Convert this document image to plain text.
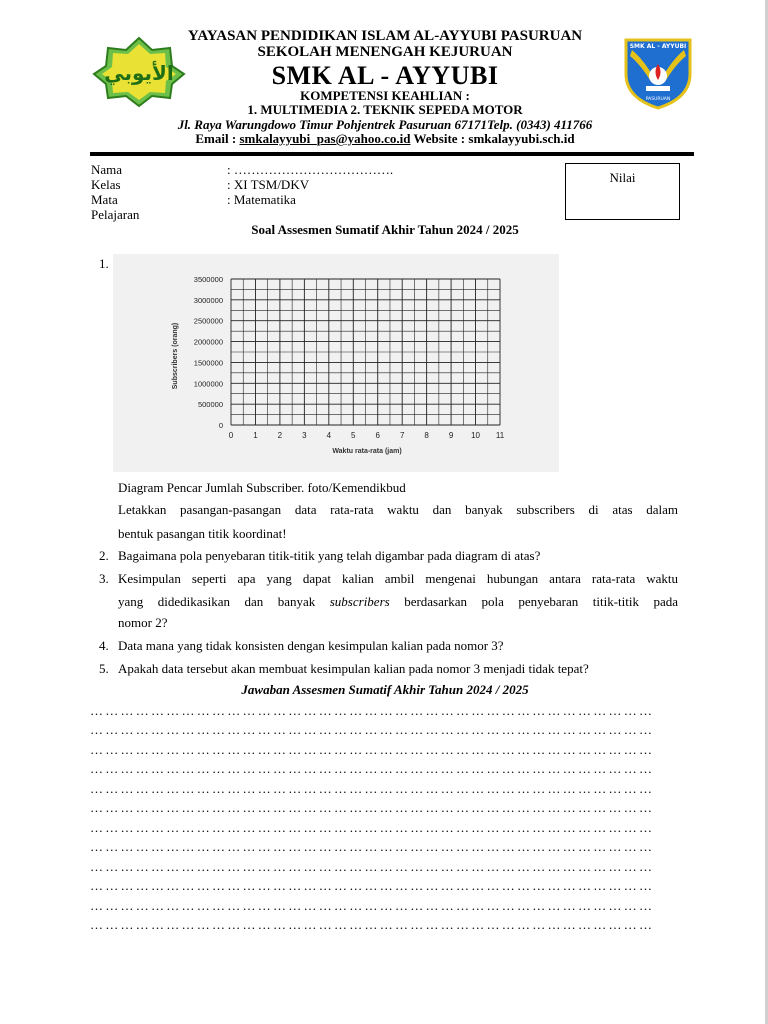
الأيوبي
SMK AL - AYYUBI
PASURUAN
YAYASAN PENDIDIKAN ISLAM AL-AYYUBI PASURUAN
SEKOLAH MENENGAH KEJURUAN
SMK AL - AYYUBI
KOMPETENSI KEAHLIAN :
1. MULTIMEDIA 2. TEKNIK SEPEDA MOTOR
Jl. Raya Warungdowo Timur Pohjentrek Pasuruan 67171Telp. (0343) 411766
Email : smkalayyubi_pas@yahoo.co.id Website : smkalayyubi.sch.id
Nama	: ……………………………….
Kelas	: XI TSM/DKV
Mata Pelajaran
: Matematika
Nilai
Soal Assesmen Sumatif Akhir Tahun 2024 / 2025
1.
0	1	2	3	4	5	6	7	8	9 10 11
0
500000
1000000
1500000
2000000
2500000
3000000
3500000
Waktu rata-rata (jam)
Subscribers (orang)
Diagram Pencar Jumlah Subscriber. foto/Kemendikbud
Letakkan pasangan-pasangan data rata-rata waktu dan banyak subscribers di atas dalam
bentuk pasangan titik koordinat!
2. Bagaimana pola penyebaran titik-titik yang telah digambar pada diagram di atas?
3. Kesimpulan seperti apa yang dapat kalian ambil mengenai hubungan antara rata-rata waktu
yang didedikasikan dan banyak subscribers berdasarkan pola penyebaran titik-titik pada
nomor 2?
4. Data mana yang tidak konsisten dengan kesimpulan kalian pada nomor 3?
5. Apakah data tersebut akan membuat kesimpulan kalian pada nomor 3 menjadi tidak tepat?
Jawaban Assesmen Sumatif Akhir Tahun 2024 / 2025
…………………………………………………………………………………………………
…………………………………………………………………………………………………
…………………………………………………………………………………………………
…………………………………………………………………………………………………
…………………………………………………………………………………………………
…………………………………………………………………………………………………
…………………………………………………………………………………………………
…………………………………………………………………………………………………
…………………………………………………………………………………………………
…………………………………………………………………………………………………
…………………………………………………………………………………………………
…………………………………………………………………………………………………
